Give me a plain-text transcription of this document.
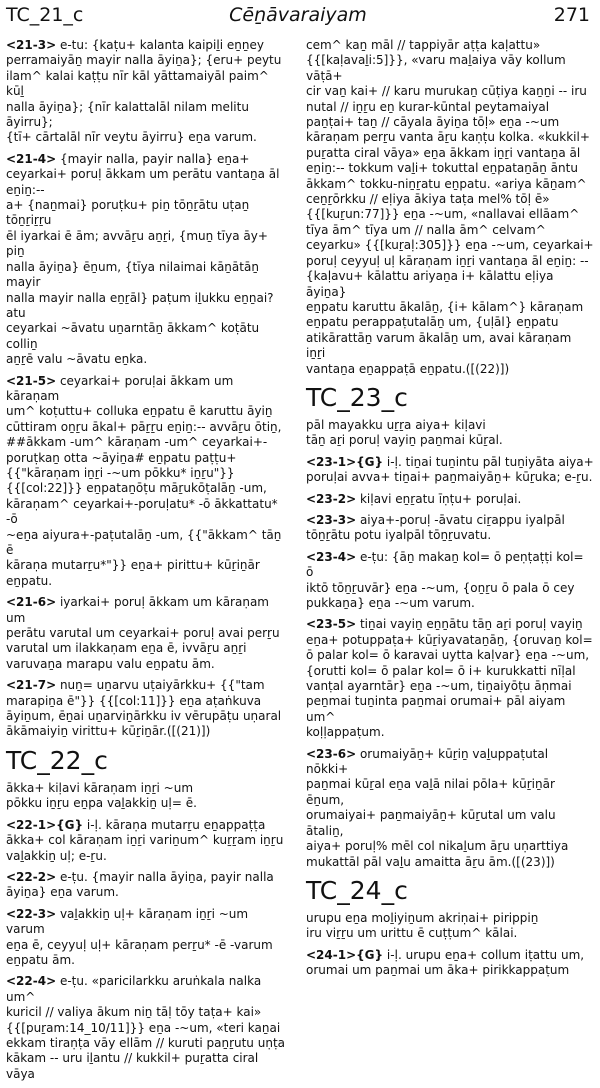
TC_21_c	Cēṉāvaraiyam	271
<21-3> e-tu: {kaṭu+ kalanta kaipiḻi eṉṉey
perramaiyāṉ mayir nalla āyiṉa}; {eru+ peytu
ilam^ kalai kaṭṭu nīr kāl yāttamaiyāl paim^ kūḻ
nalla āyiṉa}; {nīr kalattalāl nilam melitu āyirru};
{tī+ cārtalāl nīr veytu āyirru} eṉa varum.
<21-4> {mayir nalla, payir nalla} eṉa+
ceyarkai+ poruḷ ākkam um perātu vantaṉa āl eṉiṉ:--
a+ {naṉmai} poruṭku+ piṉ tōṉṟātu uṭaṉ tōṉṟiṟṟu
ēl iyarkai ē ām; avvāṟu aṉṟi, {muṉ tīya āy+ piṉ
nalla āyiṉa} ēṉum, {tīya nilaimai kāṉātāṉ mayir
nalla mayir nalla eṉṟāl} paṭum iḻukku eṉṉai? atu
ceyarkai ~āvatu uṉarntāṉ ākkam^ koṭātu colliṉ
aṉṟē valu ~āvatu eṉka.
<21-5> ceyarkai+ poruḷai ākkam um kāraṇam
um^ koṭuttu+ colluka eṉpatu ē karuttu āyiṉ
cūttiram oṉṟu ākal+ pāṟṟu eṉiṉ:-- avvāṟu ōtiṉ,
##ākkam -um^ kāraṇam -um^ ceyarkai+-
poruṭkaṉ otta ~āyiṉa# eṉpatu paṭṭu+
{{"kāraṇam iṉṟi -~um pōkku* iṉṟu"}}
{{[col:22]}} eṉpataṉōṭu māṟukōṭalāṉ -um,
kāraṇam^ ceyarkai+-poruḷatu* -ō ākkattatu* -ō
~eṉa aiyura+-paṭutalāṉ -um, {{"ākkam^ tāṉ ē
kāraṇa mutarṟu*"}} eṉa+ pirittu+ kūṟiṉār
eṉpatu.
<21-6> iyarkai+ poruḷ ākkam um kāraṇam um
perātu varutal um ceyarkai+ poruḷ avai perṟu
varutal um ilakkaṇam eṉa ē, ivvāṟu aṉṟi
varuvaṉa marapu valu eṉpatu ām.
<21-7> nuṉ= uṉarvu uṭaiyārkku+ {{"tam
marapiṉa ē"}} {{[col:11]}} eṉa aṭaṅkuva
āyiṉum, ēṉai uṉarviṉārkku iv vērupāṭu uṇaral
ākāmaiyiṉ virittu+ kūṟiṉār.([(21)])
TC_22_c
ākka+ kiḷavi kāraṇam iṉṟi ~um
pōkku iṉṟu eṉpa vaḻakkiṉ uḷ= ē.
<22-1>{G} i-ḷ. kāraṇa mutarṟu eṉappaṭṭa
ākka+ col kāraṇam iṉṟi variṉum^ kuṟṟam iṉṟu
vaḻakkiṉ uḷ; e-ṟu.
<22-2> e-ṭu. {mayir nalla āyiṉa, payir nalla
āyiṉa} eṉa varum.
<22-3> vaḻakkiṉ uḷ+ kāraṇam iṉṟi ~um varum
eṉa ē, ceyyuḷ uḷ+ kāraṇam perṟu* -ē -varum
eṉpatu ām.
<22-4> e-ṭu. «paricilarkku aruṅkala nalka um^
kuricil // valiya ākum niṉ tāḷ tōy taṭa+ kai»
{{[puṟam:14_10/11]}} eṉa -~um, «teri kaṉai
ekkam tiraṇṭa vāy ellām // kuruti paṉṟutu uṇṭa
kākam -- uru iḻantu // kukkil+ puṟatta ciral vāya
cem^ kaṉ māl // tappiyār aṭṭa kaḷattu»
{{[kaḷavaḻi:5]}}, «varu maḻaiya vāy kollum vāṭā+
cir vaṉ kai+ // karu murukaṉ cūṭiya kaṉṉi -- iru
nutal // iṉṟu eṉ kurar-kūntal peytamaiyal
paṉṭai+ taṉ // cāyala āyiṉa tōḷ» eṉa -~um
kāraṇam perṟu vanta āṟu kaṇṭu kolka. «kukkil+
puṟatta ciral vāya» eṉa ākkam iṉṟi vantaṉa āl
eṉiṉ:-- tokkum vaḻi+ tokuttal eṉpataṉāṉ āntu
ākkam^ tokku-niṉṟatu eṉpatu. «ariya kāṉam^
ceṉṟōrkku // eḷiya ākiya taṭa mel% tōḷ ē»
{{[kuṟun:77]}} eṉa -~um, «nallavai ellāam^
tīya ām^ tīya um // nalla ām^ celvam^
ceyarku» {{[kuṟaḷ:305]}} eṉa -~um, ceyarkai+
poruḷ ceyyuḷ uḷ kāraṇam iṉṟi vantaṉa āl eṉiṉ: --
{kaḷavu+ kālattu ariyaṉa i+ kālattu eḷiya āyiṉa}
eṉpatu karuttu ākalāṉ, {i+ kālam^} kāraṇam
eṉpatu perappaṭutalāṉ um, {uḷāl} eṉpatu
atikārattāṉ varum ākalāṉ um, avai kāraṇam iṉṟi
vantaṉa eṉappaṭā eṉpatu.([(22)])
TC_23_c
pāl mayakku uṟṟa aiya+ kiḷavi
tāṉ aṟi poruḷ vayiṉ paṉmai kūṟal.
<23-1>{G} i-ḷ. tiṉai tuṉintu pāl tuṉiyāta aiya+
poruḷai avva+ tiṉai+ paṉmaiyāṉ+ kūṟuka; e-ṟu.
<23-2> kiḷavi eṉṟatu īṇṭu+ poruḷai.
<23-3> aiya+-poruḷ -āvatu ciṟappu iyalpāl
tōṉṟātu potu iyalpāl tōṉṟuvatu.
<23-4> e-ṭu: {āṉ makaṉ kol= ō peṇṭaṭṭi kol= ō
iktō tōṉṟuvār} eṉa -~um, {oṉṟu ō pala ō cey
pukkaṉa} eṉa -~um varum.
<23-5> tiṉai vayiṉ eṉṉātu tāṉ aṟi poruḷ vayiṉ
eṉa+ potuppaṭa+ kūṟiyavataṉāṉ, {oruvaṉ kol=
ō palar kol= ō karavai uytta kaḷvar} eṉa -~um,
{orutti kol= ō palar kol= ō i+ kurukkatti nīḷal
vanṭal ayarntār} eṉa -~um, tiṉaiyōṭu āṇmai
peṉmai tuṉinta paṉmai orumai+ pāl aiyam um^
koḷḷappaṭum.
<23-6> orumaiyāṉ+ kūṟiṉ vaḻuppaṭutal nōkki+
paṉmai kūṟal eṉa vaḻā nilai pōla+ kūṟiṉār ēṉum,
orumaiyai+ paṉmaiyāṉ+ kūṟutal um valu ātaliṉ,
aiya+ poruḷ% mēl col nikaḻum āṟu uṇarttiya
mukattāl pāl vaḻu amaitta āṟu ām.([(23)])
TC_24_c
urupu eṉa moḻiyiṉum akriṇai+ pirippiṉ
iru viṟṟu um urittu ē cuṭṭum^ kālai.
<24-1>{G} i-ḷ. urupu eṉa+ collum iṭattu um,
orumai um paṉmai um āka+ pirikkappaṭum
